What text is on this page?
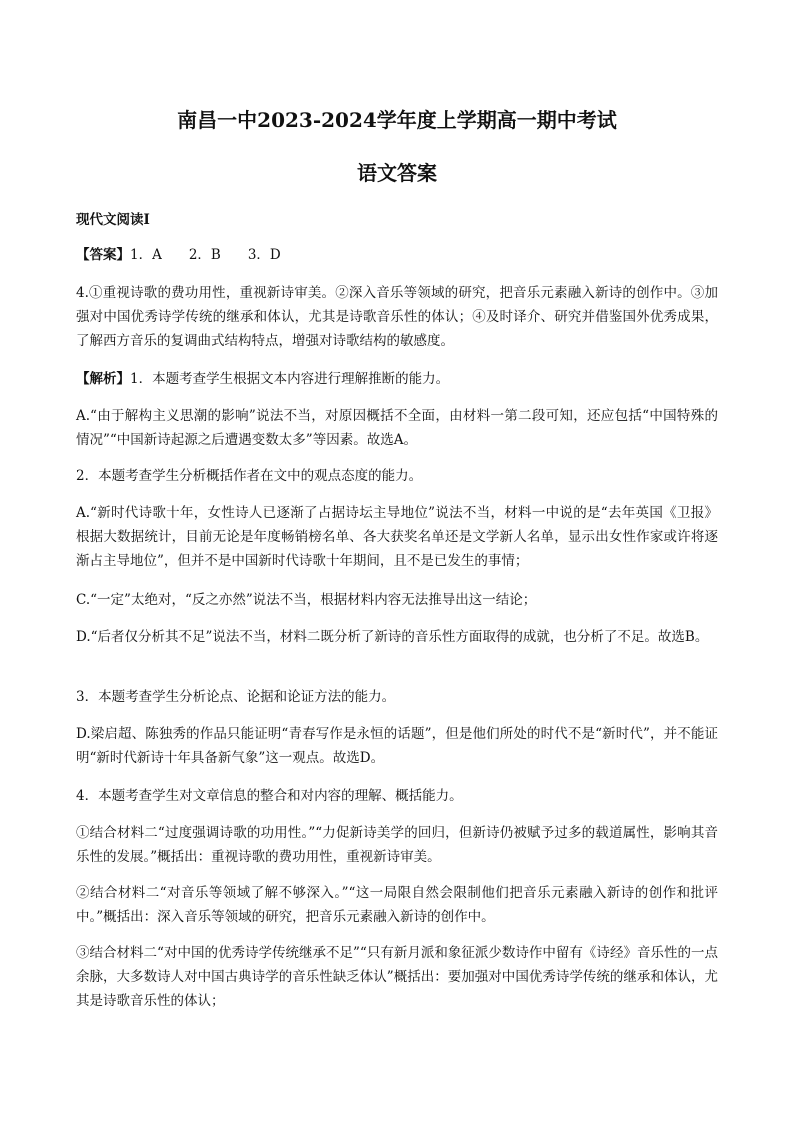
南昌一中2023-2024学年度上学期高一期中考试
语文答案
现代文阅读Ⅰ

【答案】1．A　　2．B　　3．D

4.①重视诗歌的费功用性，重视新诗审美。②深入音乐等领域的研究，把音乐元素融入新诗的创作中。③加强对中国优秀诗学传统的继承和体认，尤其是诗歌音乐性的体认；④及时译介、研究并借鉴国外优秀成果，了解西方音乐的复调曲式结构特点，增强对诗歌结构的敏感度。

【解析】1．本题考查学生根据文本内容进行理解推断的能力。

A.“由于解构主义思潮的影响”说法不当，对原因概括不全面，由材料一第二段可知，还应包括“中国特殊的情况”“中国新诗起源之后遭遇变数太多”等因素。故选A。

2．本题考查学生分析概括作者在文中的观点态度的能力。

A.“新时代诗歌十年，女性诗人已逐渐了占据诗坛主导地位”说法不当，材料一中说的是“去年英国《卫报》根据大数据统计，目前无论是年度畅销榜名单、各大获奖名单还是文学新人名单，显示出女性作家或许将逐渐占主导地位”，但并不是中国新时代诗歌十年期间，且不是已发生的事情；

C.“一定”太绝对，“反之亦然”说法不当，根据材料内容无法推导出这一结论；

D.“后者仅分析其不足”说法不当，材料二既分析了新诗的音乐性方面取得的成就，也分析了不足。故选B。

3．本题考查学生分析论点、论据和论证方法的能力。

D.梁启超、陈独秀的作品只能证明“青春写作是永恒的话题”，但是他们所处的时代不是“新时代”，并不能证明“新时代新诗十年具备新气象”这一观点。故选D。

4．本题考查学生对文章信息的整合和对内容的理解、概括能力。

①结合材料二“过度强调诗歌的功用性。”“力促新诗美学的回归，但新诗仍被赋予过多的载道属性，影响其音乐性的发展。”概括出：重视诗歌的费功用性，重视新诗审美。

②结合材料二“对音乐等领域了解不够深入。”“这一局限自然会限制他们把音乐元素融入新诗的创作和批评中。”概括出：深入音乐等领域的研究，把音乐元素融入新诗的创作中。

③结合材料二“对中国的优秀诗学传统继承不足”“只有新月派和象征派少数诗作中留有《诗经》音乐性的一点余脉，大多数诗人对中国古典诗学的音乐性缺乏体认”概括出：要加强对中国优秀诗学传统的继承和体认，尤其是诗歌音乐性的体认；
